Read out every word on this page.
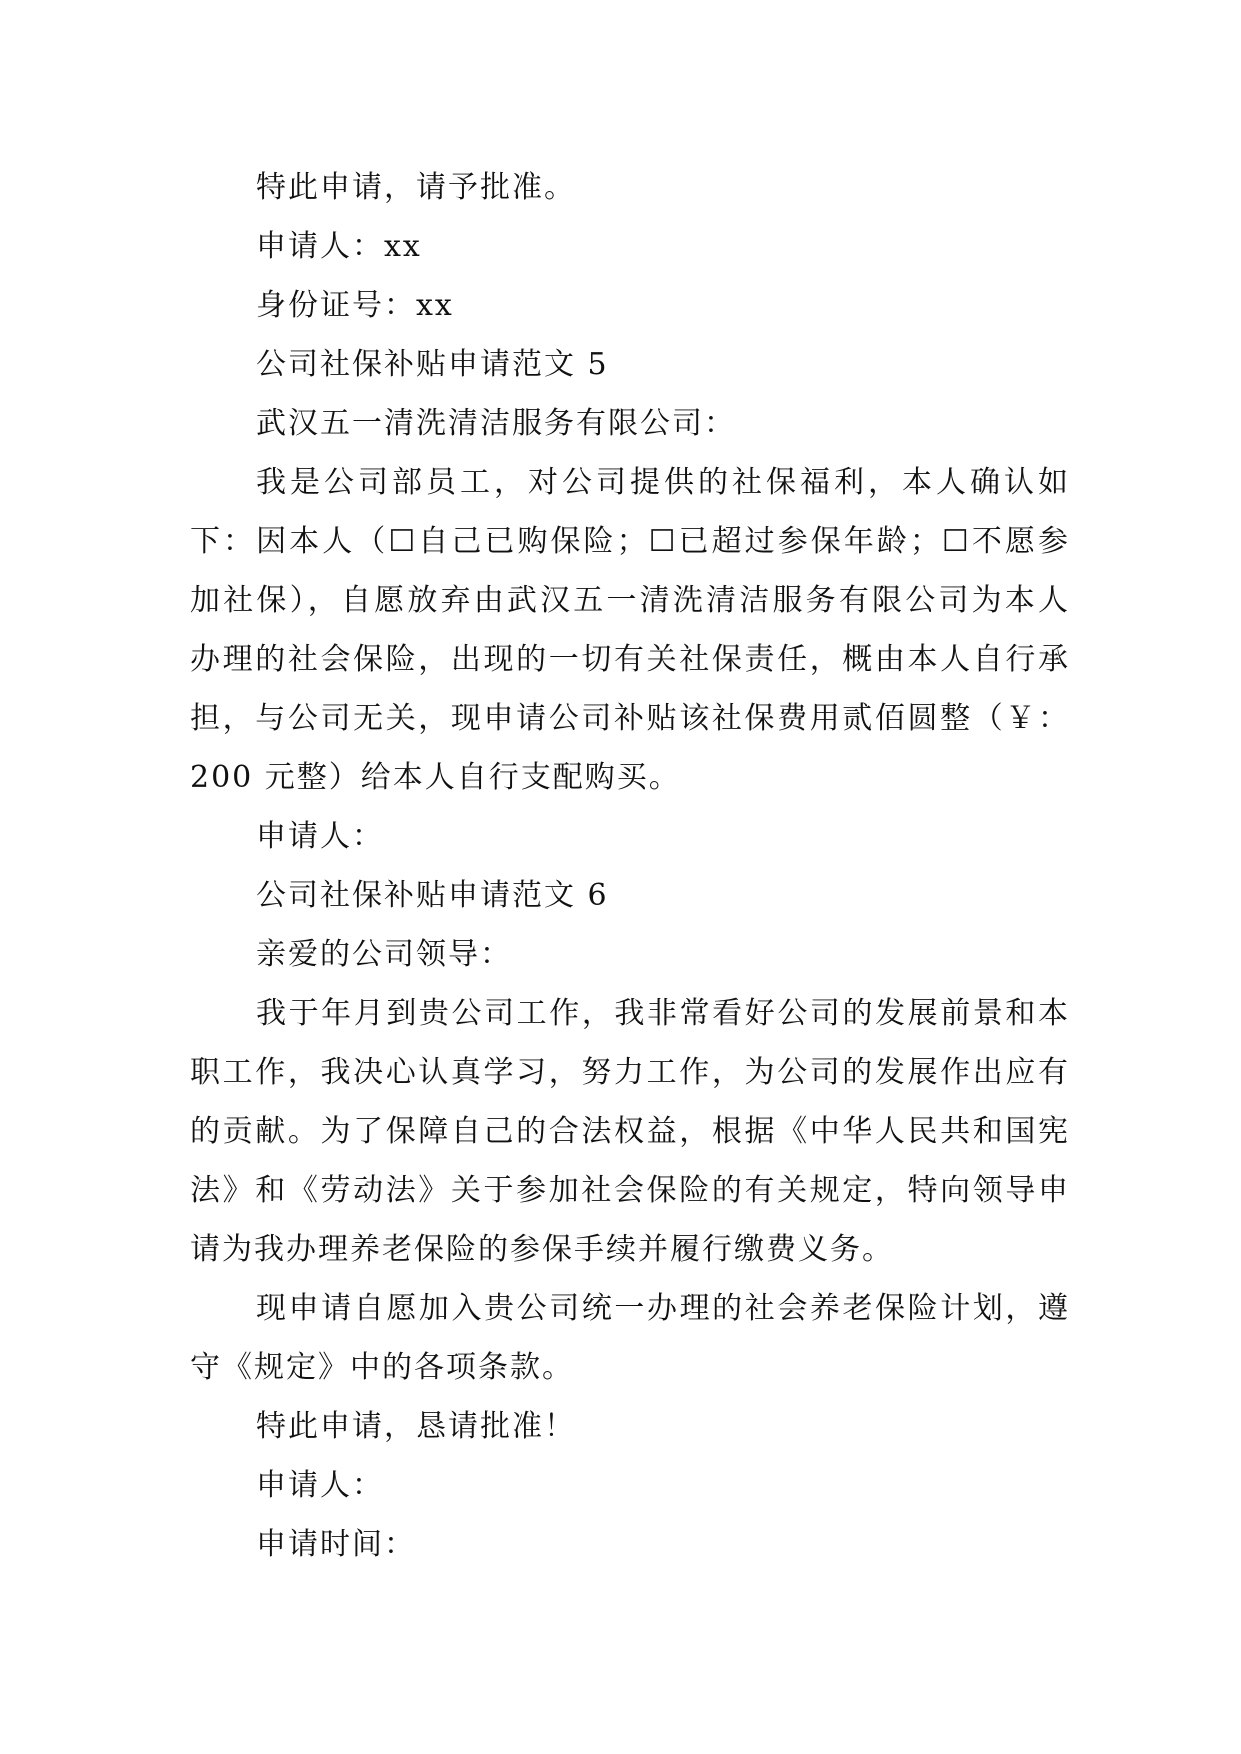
特此申请，请予批准。

申请人：xx

身份证号：xx

公司社保补贴申请范文 5

武汉五一清洗清洁服务有限公司：

我是公司部员工，对公司提供的社保福利，本人确认如下：因本人（☐自己已购保险；☐已超过参保年龄；☐不愿参加社保），自愿放弃由武汉五一清洗清洁服务有限公司为本人办理的社会保险，出现的一切有关社保责任，概由本人自行承担，与公司无关，现申请公司补贴该社保费用贰佰圆整（￥：200 元整）给本人自行支配购买。

申请人：

公司社保补贴申请范文 6

亲爱的公司领导：

我于年月到贵公司工作，我非常看好公司的发展前景和本职工作，我决心认真学习，努力工作，为公司的发展作出应有的贡献。为了保障自己的合法权益，根据《中华人民共和国宪法》和《劳动法》关于参加社会保险的有关规定，特向领导申请为我办理养老保险的参保手续并履行缴费义务。

现申请自愿加入贵公司统一办理的社会养老保险计划，遵守《规定》中的各项条款。

特此申请，恳请批准！

申请人：

申请时间：
